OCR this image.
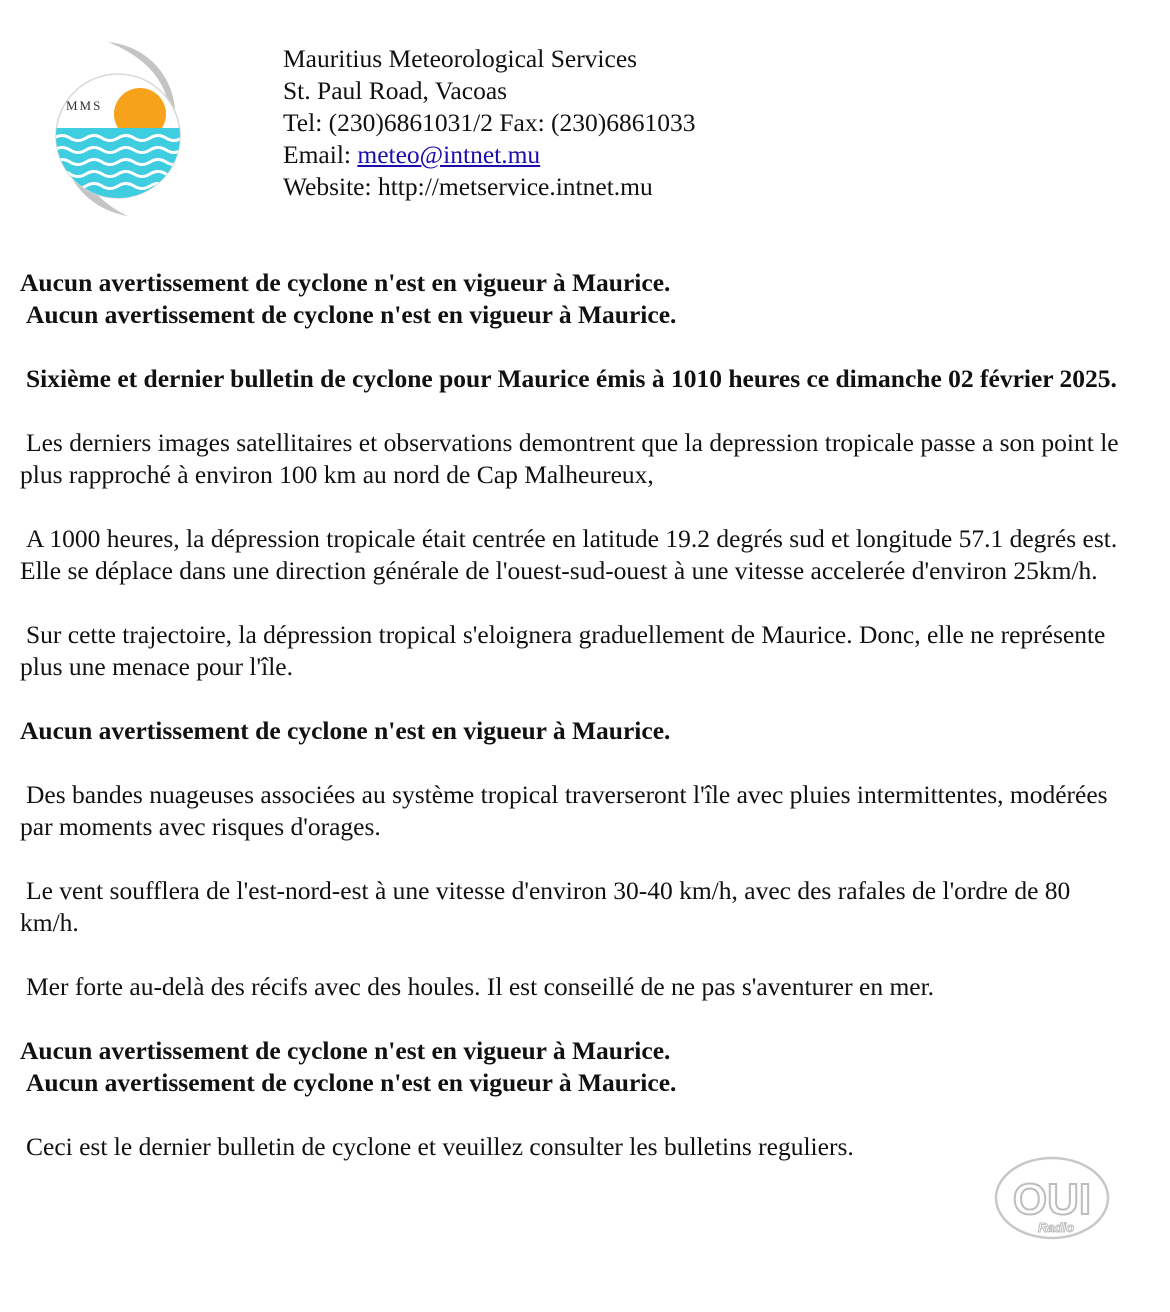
MMS
Mauritius Meteorological Services
St. Paul Road, Vacoas
Tel: (230)6861031/2 Fax: (230)6861033
Email: meteo@intnet.mu
Website: http://metservice.intnet.mu

Aucun avertissement de cyclone n'est en vigueur à Maurice.
Aucun avertissement de cyclone n'est en vigueur à Maurice.

Sixième et dernier bulletin de cyclone pour Maurice émis à 1010 heures ce dimanche 02 février 2025.

Les derniers images satellitaires et observations demontrent que la depression tropicale passe a son point le plus rapproché à environ 100 km au nord de Cap Malheureux,

A 1000 heures, la dépression tropicale était centrée en latitude 19.2 degrés sud et longitude 57.1 degrés est. Elle se déplace dans une direction générale de l'ouest-sud-ouest à une vitesse accelerée d'environ 25km/h.

Sur cette trajectoire, la dépression tropical s'eloignera graduellement de Maurice. Donc, elle ne représente plus une menace pour l'île.

Aucun avertissement de cyclone n'est en vigueur à Maurice.

Des bandes nuageuses associées au système tropical traverseront l'île avec pluies intermittentes, modérées par moments avec risques d'orages.

Le vent soufflera de l'est-nord-est à une vitesse d'environ 30-40 km/h, avec des rafales de l'ordre de 80 km/h.

Mer forte au-delà des récifs avec des houles. Il est conseillé de ne pas s'aventurer en mer.

Aucun avertissement de cyclone n'est en vigueur à Maurice.
Aucun avertissement de cyclone n'est en vigueur à Maurice.

Ceci est le dernier bulletin de cyclone et veuillez consulter les bulletins reguliers.

OUI
Radio
